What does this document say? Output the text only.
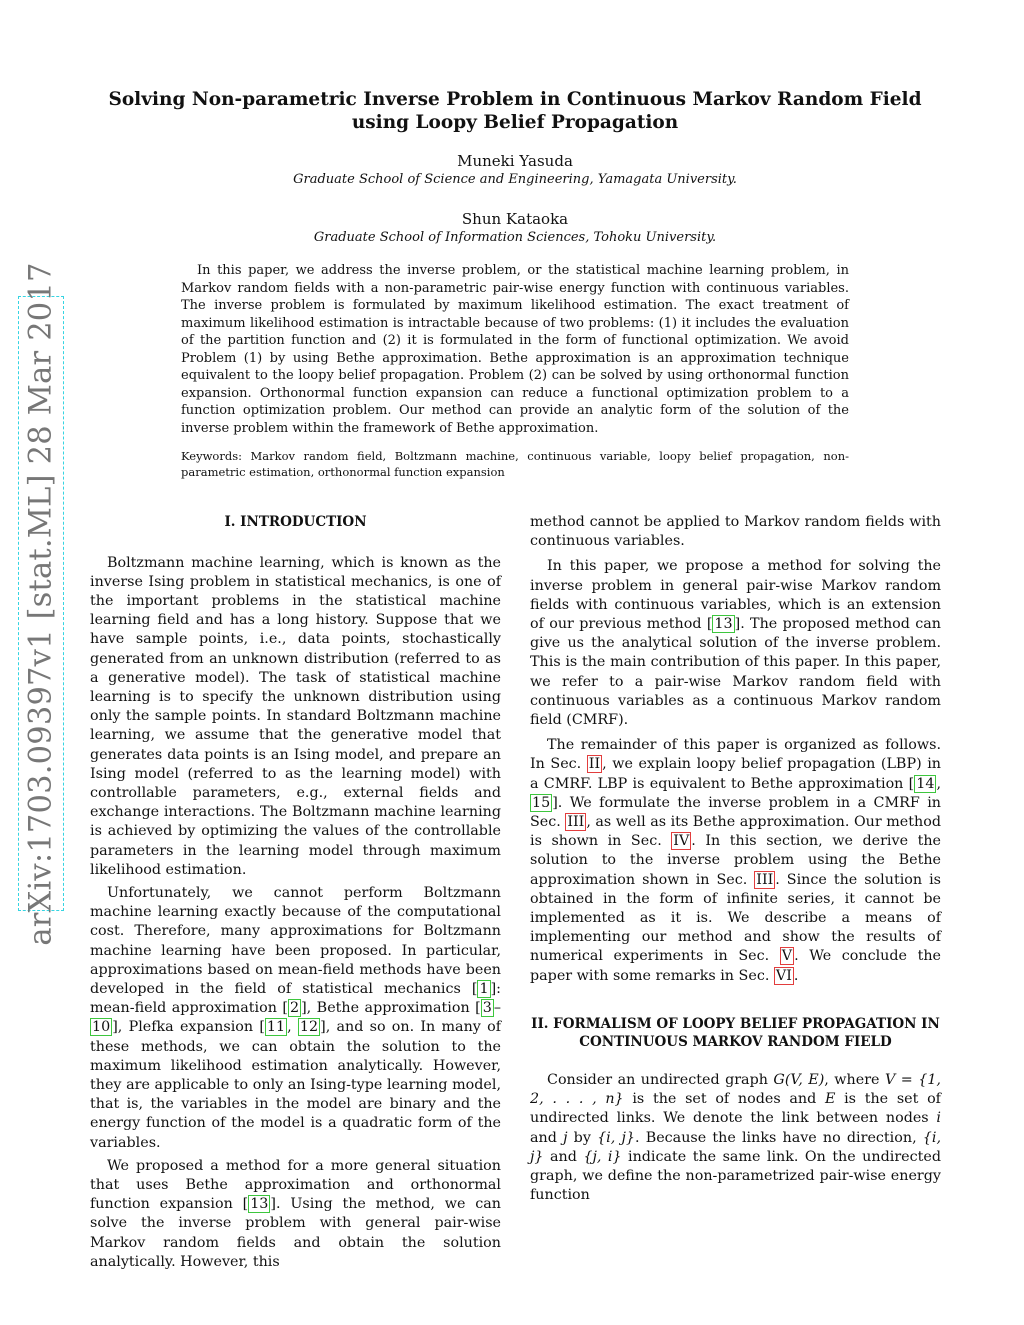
arXiv:1703.09397v1 [stat.ML] 28 Mar 2017
Solving Non-parametric Inverse Problem in Continuous Markov Random Field using Loopy Belief Propagation
Muneki Yasuda
Graduate School of Science and Engineering, Yamagata University.
Shun Kataoka
Graduate School of Information Sciences, Tohoku University.

In this paper, we address the inverse problem, or the statistical machine learning problem, in Markov random fields with a non-parametric pair-wise energy function with continuous variables. The inverse problem is formulated by maximum likelihood estimation. The exact treatment of maximum likelihood estimation is intractable because of two problems: (1) it includes the evaluation of the partition function and (2) it is formulated in the form of functional optimization. We avoid Problem (1) by using Bethe approximation. Bethe approximation is an approximation technique equivalent to the loopy belief propagation. Problem (2) can be solved by using orthonormal function expansion. Orthonormal function expansion can reduce a functional optimization problem to a function optimization problem. Our method can provide an analytic form of the solution of the inverse problem within the framework of Bethe approximation.

Keywords: Markov random field, Boltzmann machine, continuous variable, loopy belief propagation, non-parametric estimation, orthonormal function expansion
I. INTRODUCTION

Boltzmann machine learning, which is known as the inverse Ising problem in statistical mechanics, is one of the important problems in the statistical machine learning field and has a long history. Suppose that we have sample points, i.e., data points, stochastically generated from an unknown distribution (referred to as a generative model). The task of statistical machine learning is to specify the unknown distribution using only the sample points. In standard Boltzmann machine learning, we assume that the generative model that generates data points is an Ising model, and prepare an Ising model (referred to as the learning model) with controllable parameters, e.g., external fields and exchange interactions. The Boltzmann machine learning is achieved by optimizing the values of the controllable parameters in the learning model through maximum likelihood estimation.

Unfortunately, we cannot perform Boltzmann machine learning exactly because of the computational cost. Therefore, many approximations for Boltzmann machine learning have been proposed. In particular, approximations based on mean-field methods have been developed in the field of statistical mechanics [ 1 ]: mean-field approximation [ 2 ], Bethe approximation [ 3 –10 ], Plefka expansion [ 11 , 12 ], and so on. In many of these methods, we can obtain the solution to the maximum likelihood estimation analytically. However, they are applicable to only an Ising-type learning model, that is, the variables in the model are binary and the energy function of the model is a quadratic form of the variables.

We proposed a method for a more general situation that uses Bethe approximation and orthonormal function expansion [ 13 ]. Using the method, we can solve the inverse problem with general pair-wise Markov random fields and obtain the solution analytically. However, this

method cannot be applied to Markov random fields with continuous variables.

In this paper, we propose a method for solving the inverse problem in general pair-wise Markov random fields with continuous variables, which is an extension of our previous method [ 13 ]. The proposed method can give us the analytical solution of the inverse problem. This is the main contribution of this paper. In this paper, we refer to a pair-wise Markov random field with continuous variables as a continuous Markov random field (CMRF).

The remainder of this paper is organized as follows. In Sec. II , we explain loopy belief propagation (LBP) in a CMRF. LBP is equivalent to Bethe approximation [ 14 , 15 ]. We formulate the inverse problem in a CMRF in Sec. III , as well as its Bethe approximation. Our method is shown in Sec. IV . In this section, we derive the solution to the inverse problem using the Bethe approximation shown in Sec. III . Since the solution is obtained in the form of infinite series, it cannot be implemented as it is. We describe a means of implementing our method and show the results of numerical experiments in Sec. V . We conclude the paper with some remarks in Sec. VI .

II. FORMALISM OF LOOPY BELIEF PROPAGATION IN CONTINUOUS MARKOV RANDOM FIELD

Consider an undirected graph G(V, E), where V = {1, 2, . . . , n} is the set of nodes and E is the set of undirected links. We denote the link between nodes i and j by {i, j}. Because the links have no direction, {i, j} and {j, i} indicate the same link. On the undirected graph, we define the non-parametrized pair-wise energy function
